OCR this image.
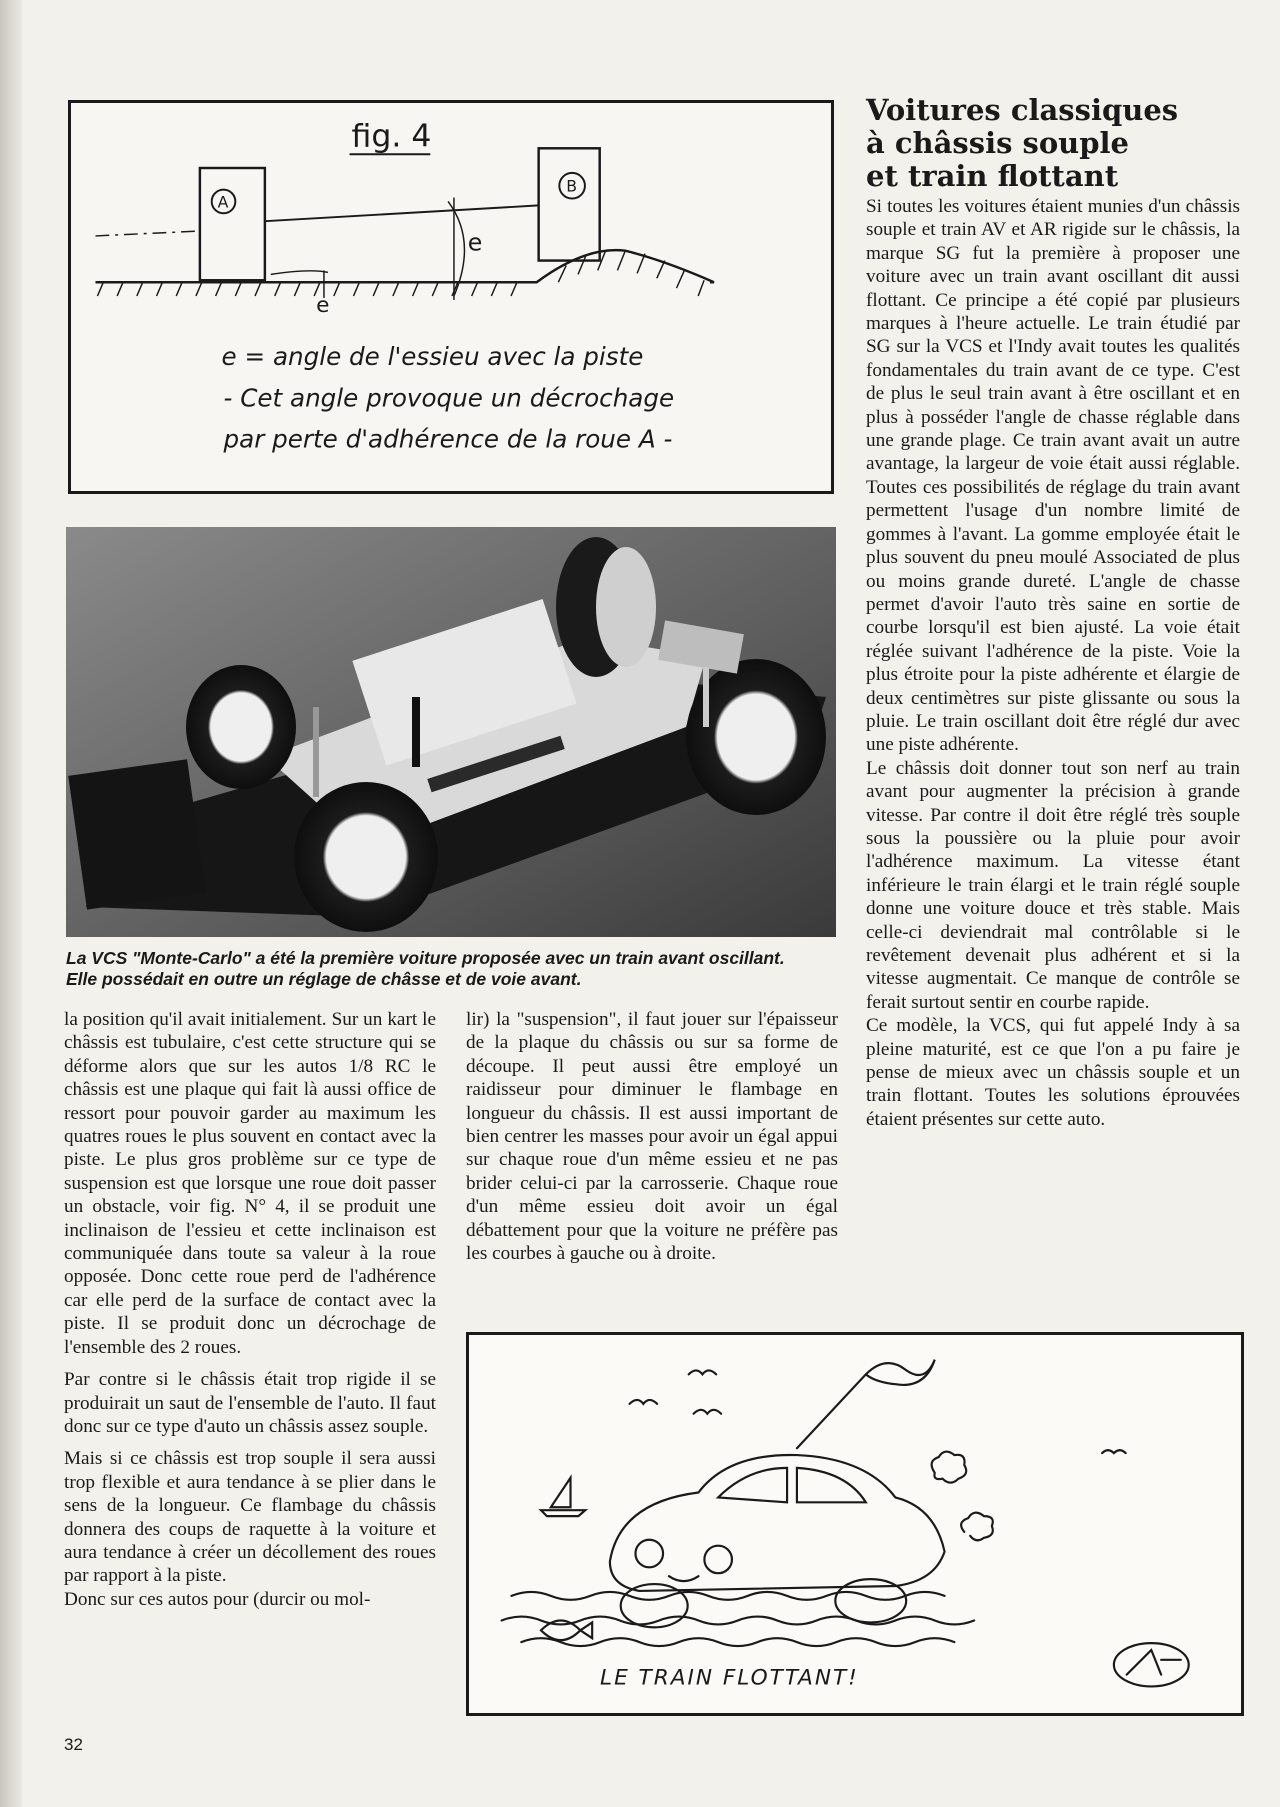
fig. 4
A
B
e
e
e = angle de l'essieu avec la piste
- Cet angle provoque un décrochage
par perte d'adhérence de la roue A -

La VCS "Monte-Carlo" a été la première voiture proposée avec un train avant oscillant.
Elle possédait en outre un réglage de châsse et de voie avant.

la position qu'il avait initialement. Sur un kart le châssis est tubulaire, c'est cette structure qui se déforme alors que sur les autos 1/8 RC le châssis est une plaque qui fait là aussi office de ressort pour pouvoir garder au maximum les quatres roues le plus souvent en contact avec la piste. Le plus gros problème sur ce type de suspension est que lorsque une roue doit passer un obstacle, voir fig. N° 4, il se produit une inclinaison de l'essieu et cette inclinaison est communiquée dans toute sa valeur à la roue opposée. Donc cette roue perd de l'adhérence car elle perd de la surface de contact avec la piste. Il se produit donc un décrochage de l'ensemble des 2 roues.

Par contre si le châssis était trop rigide il se produirait un saut de l'ensemble de l'auto. Il faut donc sur ce type d'auto un châssis assez souple.

Mais si ce châssis est trop souple il sera aussi trop flexible et aura tendance à se plier dans le sens de la longueur. Ce flambage du châssis donnera des coups de raquette à la voiture et aura tendance à créer un décollement des roues par rapport à la piste.

Donc sur ces autos pour (durcir ou mol-

lir) la "suspension", il faut jouer sur l'épaisseur de la plaque du châssis ou sur sa forme de découpe. Il peut aussi être employé un raidisseur pour diminuer le flambage en longueur du châssis. Il est aussi important de bien centrer les masses pour avoir un égal appui sur chaque roue d'un même essieu et ne pas brider celui-ci par la carrosserie. Chaque roue d'un même essieu doit avoir un égal débattement pour que la voiture ne préfère pas les courbes à gauche ou à droite.

Voitures classiques
à châssis souple
et train flottant

Si toutes les voitures étaient munies d'un châssis souple et train AV et AR rigide sur le châssis, la marque SG fut la première à proposer une voiture avec un train avant oscillant dit aussi flottant. Ce principe a été copié par plusieurs marques à l'heure actuelle. Le train étudié par SG sur la VCS et l'Indy avait toutes les qualités fondamentales du train avant de ce type. C'est de plus le seul train avant à être oscillant et en plus à posséder l'angle de chasse réglable dans une grande plage. Ce train avant avait un autre avantage, la largeur de voie était aussi réglable. Toutes ces possibilités de réglage du train avant permettent l'usage d'un nombre limité de gommes à l'avant. La gomme employée était le plus souvent du pneu moulé Associated de plus ou moins grande dureté. L'angle de chasse permet d'avoir l'auto très saine en sortie de courbe lorsqu'il est bien ajusté. La voie était réglée suivant l'adhérence de la piste. Voie la plus étroite pour la piste adhérente et élargie de deux centimètres sur piste glissante ou sous la pluie. Le train oscillant doit être réglé dur avec une piste adhérente.

Le châssis doit donner tout son nerf au train avant pour augmenter la précision à grande vitesse. Par contre il doit être réglé très souple sous la poussière ou la pluie pour avoir l'adhérence maximum. La vitesse étant inférieure le train élargi et le train réglé souple donne une voiture douce et très stable. Mais celle-ci deviendrait mal contrôlable si le revêtement devenait plus adhérent et si la vitesse augmentait. Ce manque de contrôle se ferait surtout sentir en courbe rapide.

Ce modèle, la VCS, qui fut appelé Indy à sa pleine maturité, est ce que l'on a pu faire je pense de mieux avec un châssis souple et un train flottant. Toutes les solutions éprouvées étaient présentes sur cette auto.

LE TRAIN FLOTTANT!

32
